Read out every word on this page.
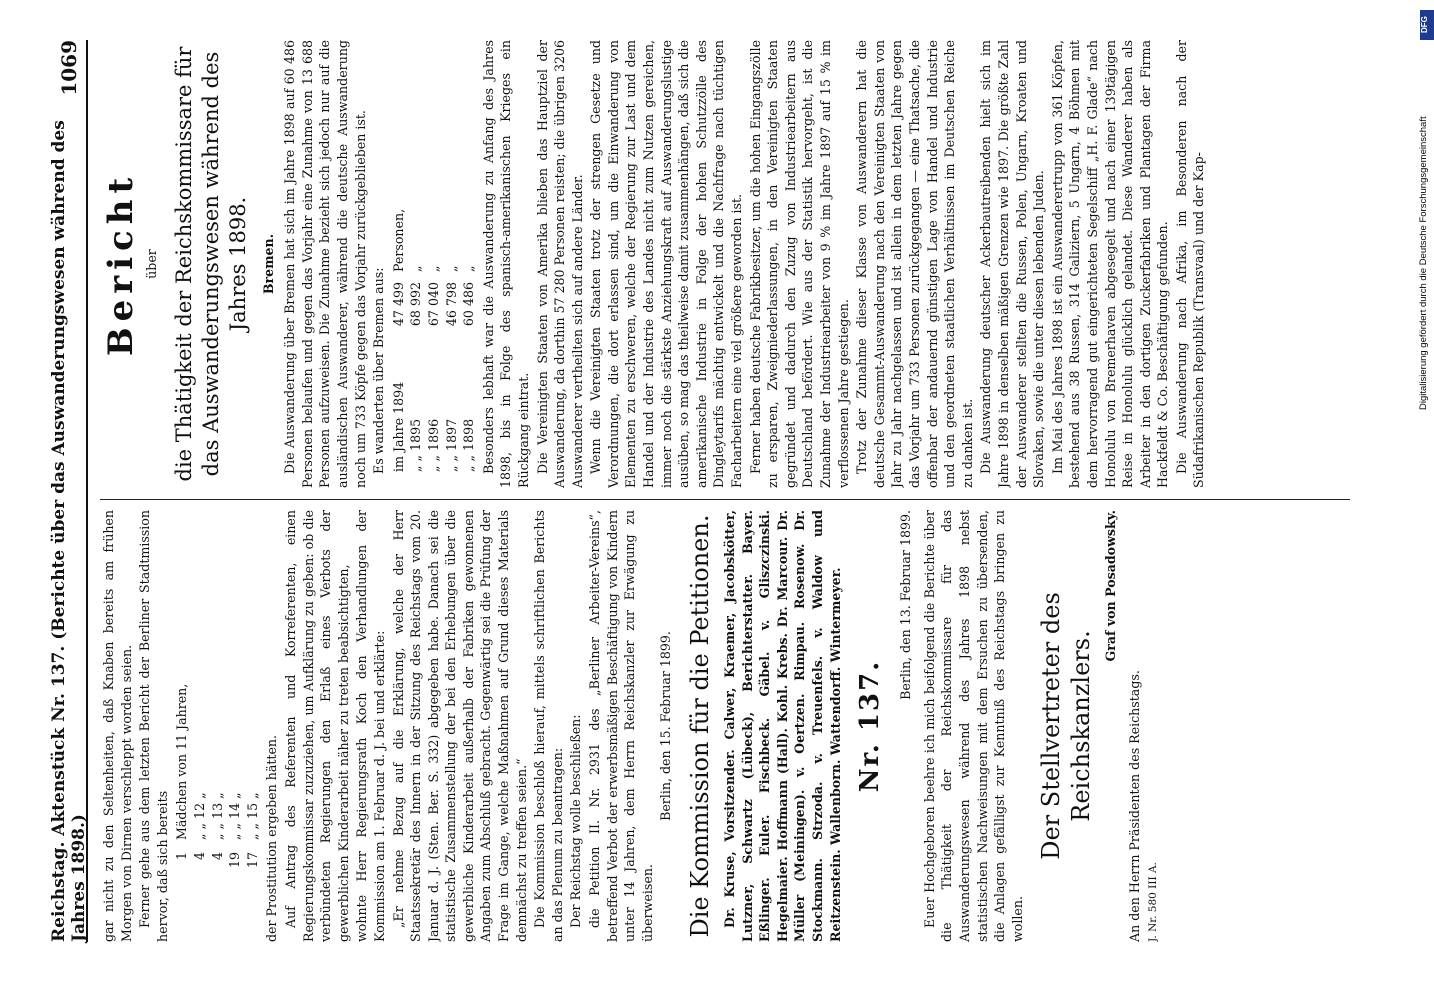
Reichstag. Aktenstück Nr. 137. (Berichte über das Auswanderungswesen während des Jahres 1898.)
1069

gar nicht zu den Seltenheiten, daß Knaben bereits am frühen Morgen von Dirnen verschleppt worden seien. Ferner gehe aus dem letzten Bericht der Berliner Stadtmission hervor, daß sich bereits 1
Mädchen von 11 Jahren,
4
„ „ 12 „
4
„ „ 13 „
19
„ „ 14 „
17
„ „ 15 „ der Prostitution ergeben hätten. Auf Antrag des Referenten und Korreferenten, einen Regierungskommissar zuzuziehen, um Aufklärung zu geben: ob die verbündeten Regierungen den Erlaß eines Verbots der gewerblichen Kinderarbeit näher zu treten beabsichtigten, wohnte Herr Regierungsrath Koch den Verhandlungen der Kommission am 1. Februar d. J. bei und erklärte: „Er nehme Bezug auf die Erklärung, welche der Herr Staatssekretär des Innern in der Sitzung des Reichstags vom 20. Januar d. J. (Sten. Ber. S. 332) abgegeben habe. Danach sei die statistische Zusammenstellung der bei den Erhebungen über die gewerbliche Kinderarbeit außerhalb der Fabriken gewonnenen Angaben zum Abschluß gebracht. Gegenwärtig sei die Prüfung der Frage im Gange, welche Maßnahmen auf Grund dieses Materials demnächst zu treffen seien.“ Die Kommission beschloß hierauf, mittels schriftlichen Berichts an das Plenum zu beantragen: Der Reichstag wolle beschließen: die Petition II. Nr. 2931 des „Berliner Arbeiter-Vereins“, betreffend Verbot der erwerbsmäßigen Beschäftigung von Kindern unter 14 Jahren, dem Herrn Reichskanzler zur Erwägung zu überweisen.

Berlin, den 15. Februar 1899. Die Kommission für die Petitionen. Dr. Kruse, Vorsitzender. Calwer, Kraemer, Jacobskötter, Lutzner, Schwartz (Lübeck), Berichterstatter. Bayer. Eßlinger. Euler. Fischbeck. Gäbel. v. Gliszczinski. Hegelmaier. Hoffmann (Hall). Kohl. Krebs. Dr. Marcour. Dr. Müller (Meiningen). v. Oertzen. Rimpau. Rosenow. Dr. Stockmann. Strzoda. v. Treuenfels. v. Waldow und Reitzenstein. Wallenborn. Wattendorff. Wintermeyer. Nr. 137.

Berlin, den 13. Februar 1899. Euer Hochgeboren beehre ich mich beifolgend die Berichte über die Thätigkeit der Reichskommissare für das Auswanderungswesen während des Jahres 1898 nebst statistischen Nachweisungen mit dem Ersuchen zu übersenden, die Anlagen gefälligst zur Kenntniß des Reichstags bringen zu wollen.

Der Stellvertreter des Reichskanzlers.

Graf von Posadowsky.

An den Herrn Präsidenten des Reichstags. J. Nr. 580 III A.

Bericht über die Thätigkeit der Reichskommissare für das Auswanderungswesen während des Jahres 1898. Bremen. Die Auswanderung über Bremen hat sich im Jahre 1898 auf 60 486 Personen belaufen und gegen das Vorjahr eine Zunahme von 13 688 Personen aufzuweisen. Die Zunahme bezieht sich jedoch nur auf die ausländischen Auswanderer, während die deutsche Auswanderung noch um 733 Köpfe gegen das Vorjahr zurückgeblieben ist. Es wanderten über Bremen aus: im Jahre 1894
47 499
Personen,
„ „ 1895
68 992
„
„ „ 1896
67 040
„
„ „ 1897
46 798
„
„ „ 1898
60 486
„ Besonders lebhaft war die Auswanderung zu Anfang des Jahres 1898, bis in Folge des spanisch-amerikanischen Krieges ein Rückgang eintrat. Die Vereinigten Staaten von Amerika blieben das Hauptziel der Auswanderung, da dorthin 57 280 Personen reisten; die übrigen 3206 Auswanderer vertheilten sich auf andere Länder. Wenn die Vereinigten Staaten trotz der strengen Gesetze und Verordnungen, die dort erlassen sind, um die Einwanderung von Elementen zu erschweren, welche der Regierung zur Last und dem Handel und der Industrie des Landes nicht zum Nutzen gereichen, immer noch die stärkste Anziehungskraft auf Auswanderungslustige ausüben, so mag das theilweise damit zusammenhängen, daß sich die amerikanische Industrie in Folge der hohen Schutzzölle des Dingleytarifs mächtig entwickelt und die Nachfrage nach tüchtigen Facharbeitern eine viel größere geworden ist. Ferner haben deutsche Fabrikbesitzer, um die hohen Eingangszölle zu ersparen, Zweigniederlassungen, in den Vereinigten Staaten gegründet und dadurch den Zuzug von Industriearbeitern aus Deutschland befördert. Wie aus der Statistik hervorgeht, ist die Zunahme der Industriearbeiter von 9 % im Jahre 1897 auf 15 % im verflossenen Jahre gestiegen. Trotz der Zunahme dieser Klasse von Auswanderern hat die deutsche Gesammt-Auswanderung nach den Vereinigten Staaten von Jahr zu Jahr nachgelassen und ist allein in dem letzten Jahre gegen das Vorjahr um 733 Personen zurückgegangen — eine Thatsache, die offenbar der andauernd günstigen Lage von Handel und Industrie und den geordneten staatlichen Verhältnissen im Deutschen Reiche zu danken ist. Die Auswanderung deutscher Ackerbautreibenden hielt sich im Jahre 1898 in denselben mäßigen Grenzen wie 1897. Die größte Zahl der Auswanderer stellten die Russen, Polen, Ungarn, Kroaten und Slovaken, sowie die unter diesen lebenden Juden. Im Mai des Jahres 1898 ist ein Auswanderertrupp von 361 Köpfen, bestehend aus 38 Russen, 314 Galiziern, 5 Ungarn, 4 Böhmen mit dem hervorragend gut eingerichteten Segelschiff „H. F. Glade“ nach Honolulu von Bremerhaven abgesegelt und nach einer 139tägigen Reise in Honolulu glücklich gelandet. Diese Wanderer haben als Arbeiter in den dortigen Zuckerfabriken und Plantagen der Firma Hackfeldt & Co. Beschäftigung gefunden. Die Auswanderung nach Afrika, im Besonderen nach der Südafrikanischen Republik (Transvaal) und der Kap-	Digitalisierung gefördert durch die Deutsche Forschungsgemeinschaft
DFG
